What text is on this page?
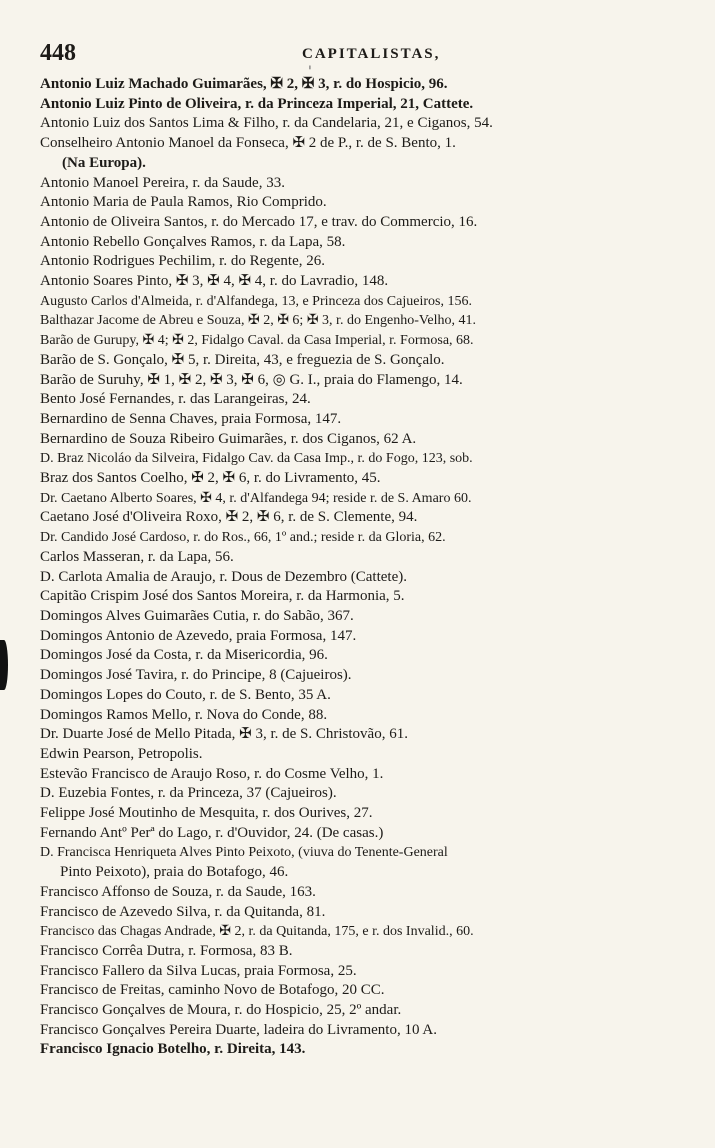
448	CAPITALISTAS,
'
Antonio Luiz Machado Guimarães, ✠ 2, ✠ 3, r. do Hospicio, 96.
Antonio Luiz Pinto de Oliveira, r. da Princeza Imperial, 21, Cattete.
Antonio Luiz dos Santos Lima & Filho, r. da Candelaria, 21, e Ciganos, 54.
Conselheiro Antonio Manoel da Fonseca, ✠ 2 de P., r. de S. Bento, 1.
(Na Europa).
Antonio Manoel Pereira, r. da Saude, 33.
Antonio Maria de Paula Ramos, Rio Comprido.
Antonio de Oliveira Santos, r. do Mercado 17, e trav. do Commercio, 16.
Antonio Rebello Gonçalves Ramos, r. da Lapa, 58.
Antonio Rodrigues Pechilim, r. do Regente, 26.
Antonio Soares Pinto, ✠ 3, ✠ 4, ✠ 4, r. do Lavradio, 148.
Augusto Carlos d'Almeida, r. d'Alfandega, 13, e Princeza dos Cajueiros, 156.
Balthazar Jacome de Abreu e Souza, ✠ 2, ✠ 6; ✠ 3, r. do Engenho-Velho, 41.
Barão de Gurupy, ✠ 4; ✠ 2, Fidalgo Caval. da Casa Imperial, r. Formosa, 68.
Barão de S. Gonçalo, ✠ 5, r. Direita, 43, e freguezia de S. Gonçalo.
Barão de Suruhy, ✠ 1, ✠ 2, ✠ 3, ✠ 6, ◎ G. I., praia do Flamengo, 14.
Bento José Fernandes, r. das Larangeiras, 24.
Bernardino de Senna Chaves, praia Formosa, 147.
Bernardino de Souza Ribeiro Guimarães, r. dos Ciganos, 62 A.
D. Braz Nicoláo da Silveira, Fidalgo Cav. da Casa Imp., r. do Fogo, 123, sob.
Braz dos Santos Coelho, ✠ 2, ✠ 6, r. do Livramento, 45.
Dr. Caetano Alberto Soares, ✠ 4, r. d'Alfandega 94; reside r. de S. Amaro 60.
Caetano José d'Oliveira Roxo, ✠ 2, ✠ 6, r. de S. Clemente, 94.
Dr. Candido José Cardoso, r. do Ros., 66, 1º and.; reside r. da Gloria, 62.
Carlos Masseran, r. da Lapa, 56.
D. Carlota Amalia de Araujo, r. Dous de Dezembro (Cattete).
Capitão Crispim José dos Santos Moreira, r. da Harmonia, 5.
Domingos Alves Guimarães Cutia, r. do Sabão, 367.
Domingos Antonio de Azevedo, praia Formosa, 147.
Domingos José da Costa, r. da Misericordia, 96.
Domingos José Tavira, r. do Principe, 8 (Cajueiros).
Domingos Lopes do Couto, r. de S. Bento, 35 A.
Domingos Ramos Mello, r. Nova do Conde, 88.
Dr. Duarte José de Mello Pitada, ✠ 3, r. de S. Christovão, 61.
Edwin Pearson, Petropolis.
Estevão Francisco de Araujo Roso, r. do Cosme Velho, 1.
D. Euzebia Fontes, r. da Princeza, 37 (Cajueiros).
Felippe José Moutinho de Mesquita, r. dos Ourives, 27.
Fernando Antº Perª do Lago, r. d'Ouvidor, 24. (De casas.)
D. Francisca Henriqueta Alves Pinto Peixoto, (viuva do Tenente-General
Pinto Peixoto), praia do Botafogo, 46.
Francisco Affonso de Souza, r. da Saude, 163.
Francisco de Azevedo Silva, r. da Quitanda, 81.
Francisco das Chagas Andrade, ✠ 2, r. da Quitanda, 175, e r. dos Invalid., 60.
Francisco Corrêa Dutra, r. Formosa, 83 B.
Francisco Fallero da Silva Lucas, praia Formosa, 25.
Francisco de Freitas, caminho Novo de Botafogo, 20 CC.
Francisco Gonçalves de Moura, r. do Hospicio, 25, 2º andar.
Francisco Gonçalves Pereira Duarte, ladeira do Livramento, 10 A.
Francisco Ignacio Botelho, r. Direita, 143.
